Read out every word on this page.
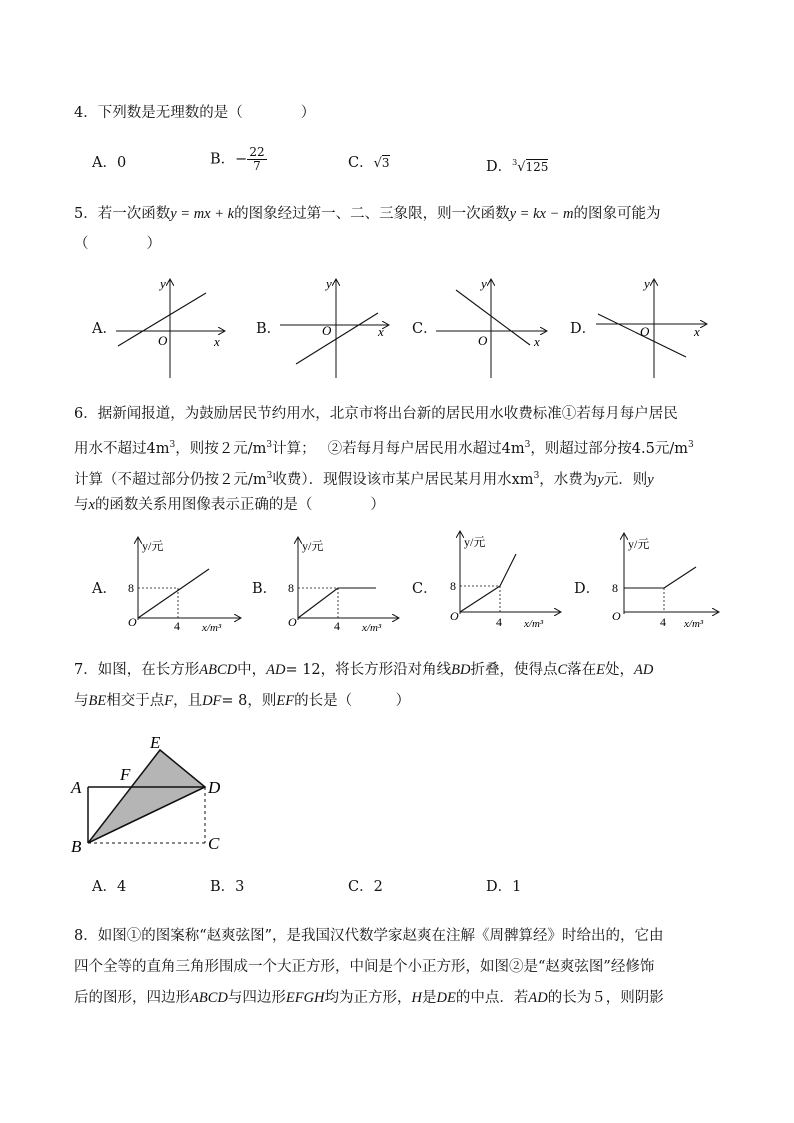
4．下列数是无理数的是（　　　　）
A．0	B．− $\frac{22}{7}$	C．√3	D．$^3$√125
5．若一次函数y = mx + k的图象经过第一、二、三象限，则一次函数y = kx − m的图象可能为
（　　　　）
A．	B．	C．	D．
O
y
x
O
y
x
O
y
x
O
y
x
6．据新闻报道，为鼓励居民节约用水，北京市将出台新的居民用水收费标准①若每月每户居民
用水不超过$4m^3$，则按２元$/m^3$计算； ②若每月每户居民用水超过$4m^3$，则超过部分按4.5元$/m^3$
计算（不超过部分仍按２元$/m^3$收费）．现假设该市某户居民某月用水$xm^3$，水费为y元．则y
与x的函数关系用图像表示正确的是（　　　　）
A．	B．	C．	D．
O
8
4
y/元
x/m³	O
8
4
y/元
x/m³
O
8
4
y/元
x/m³
O
8
4
y/元
x/m³
7．如图，在长方形ABCD中，AD= 12，将长方形沿对角线BD折叠，使得点C落在E处，AD
与BE相交于点F，且DF= 8，则EF的长是（　　　）
E
F
A	D
B	C
A．4	B．3	C．2	D．1
8．如图①的图案称“赵爽弦图”，是我国汉代数学家赵爽在注解《周髀算经》时给出的，它由
四个全等的直角三角形围成一个大正方形，中间是个小正方形，如图②是“赵爽弦图”经修饰
后的图形，四边形ABCD与四边形EFGH均为正方形，H是DE的中点．若AD的长为５，则阴影
